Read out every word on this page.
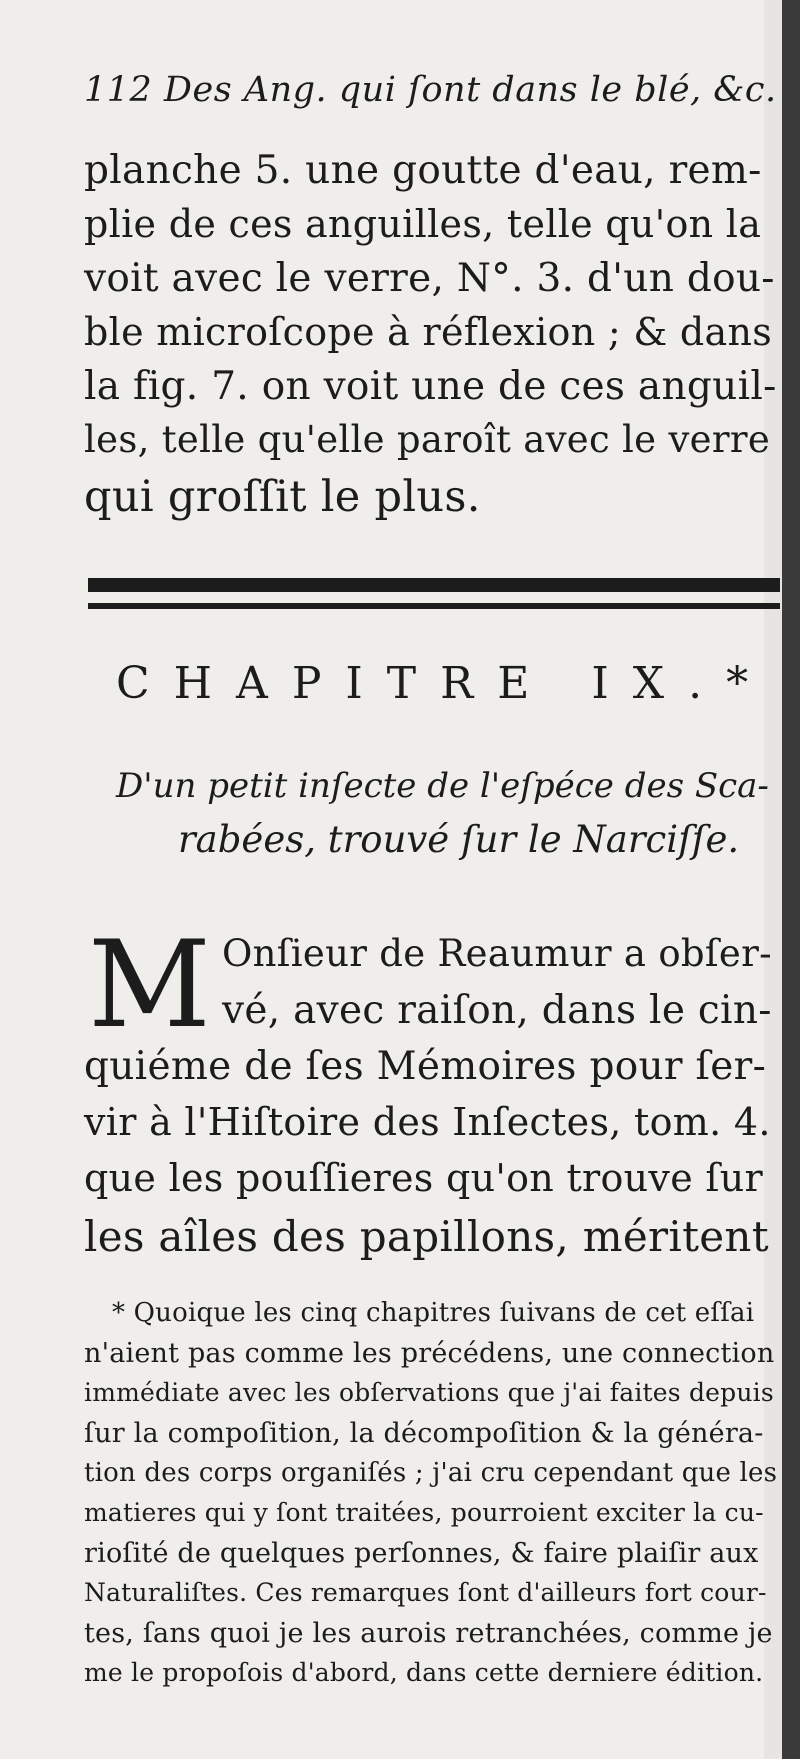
112 Des Ang. qui ſont dans le blé, &c.
planche 5. une goutte d'eau, rem-
plie de ces anguilles, telle qu'on la
voit avec le verre, N°. 3. d'un dou-
ble microſcope à réflexion ; & dans
la fig. 7. on voit une de ces anguil-
les, telle qu'elle paroît avec le verre
qui groſſit le plus.
CHAPITRE IX.*
D'un petit inſecte de l'eſpéce des Sca-
rabées, trouvé ſur le Narciſſe.
M Onſieur de Reaumur a obſer-
vé, avec raiſon, dans le cin-
quiéme de ſes Mémoires pour ſer-
vir à l'Hiſtoire des Inſectes, tom. 4.
que les pouſſieres qu'on trouve ſur
les aîles des papillons, méritent
* Quoique les cinq chapitres ſuivans de cet eſſai
n'aient pas comme les précédens, une connection
immédiate avec les obſervations que j'ai faites depuis
ſur la compoſition, la décompoſition & la généra-
tion des corps organiſés ; j'ai cru cependant que les
matieres qui y ſont traitées, pourroient exciter la cu-
rioſité de quelques perſonnes, & faire plaiſir aux
Naturaliſtes. Ces remarques ſont d'ailleurs fort cour-
tes, ſans quoi je les aurois retranchées, comme je
me le propoſois d'abord, dans cette derniere édition.
